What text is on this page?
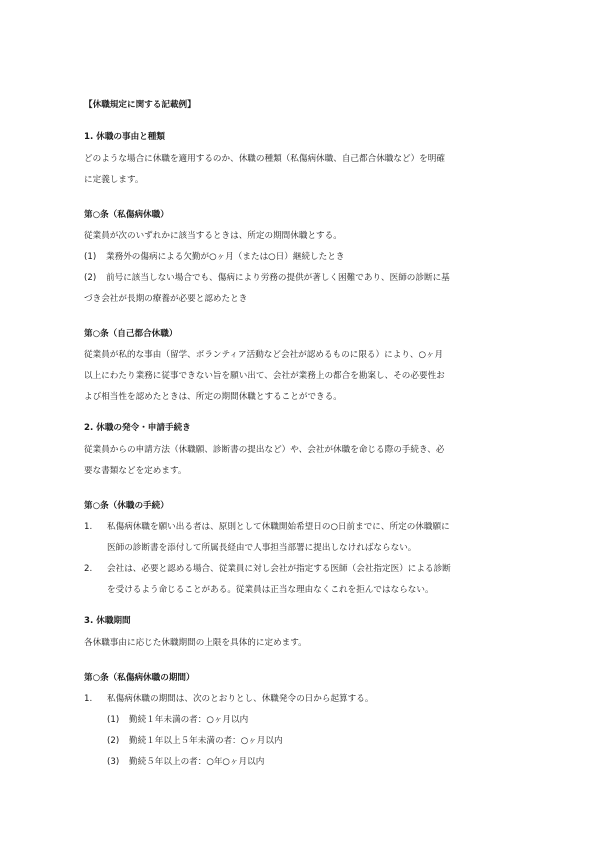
【休職規定に関する記載例】
1. 休職の事由と種類
どのような場合に休職を適用するのか、休職の種類（私傷病休職、自己都合休職など）を明確
に定義します。
第○条（私傷病休職）
従業員が次のいずれかに該当するときは、所定の期間休職とする。
(1) 業務外の傷病による欠勤が○ヶ月（または○日）継続したとき
(2) 前号に該当しない場合でも、傷病により労務の提供が著しく困難であり、医師の診断に基
づき会社が長期の療養が必要と認めたとき
第○条（自己都合休職）
従業員が私的な事由（留学、ボランティア活動など会社が認めるものに限る）により、○ヶ月
以上にわたり業務に従事できない旨を願い出て、会社が業務上の都合を勘案し、その必要性お
よび相当性を認めたときは、所定の期間休職とすることができる。
2. 休職の発令・申請手続き
従業員からの申請方法（休職願、診断書の提出など）や、会社が休職を命じる際の手続き、必
要な書類などを定めます。
第○条（休職の手続）
1. 私傷病休職を願い出る者は、原則として休職開始希望日の○日前までに、所定の休職願に
医師の診断書を添付して所属長経由で人事担当部署に提出しなければならない。
2. 会社は、必要と認める場合、従業員に対し会社が指定する医師（会社指定医）による診断
を受けるよう命じることがある。従業員は正当な理由なくこれを拒んではならない。
3. 休職期間
各休職事由に応じた休職期間の上限を具体的に定めます。
第○条（私傷病休職の期間）
1. 私傷病休職の期間は、次のとおりとし、休職発令の日から起算する。
(1) 勤続１年未満の者：○ヶ月以内
(2) 勤続１年以上５年未満の者：○ヶ月以内
(3) 勤続５年以上の者：○年○ヶ月以内
